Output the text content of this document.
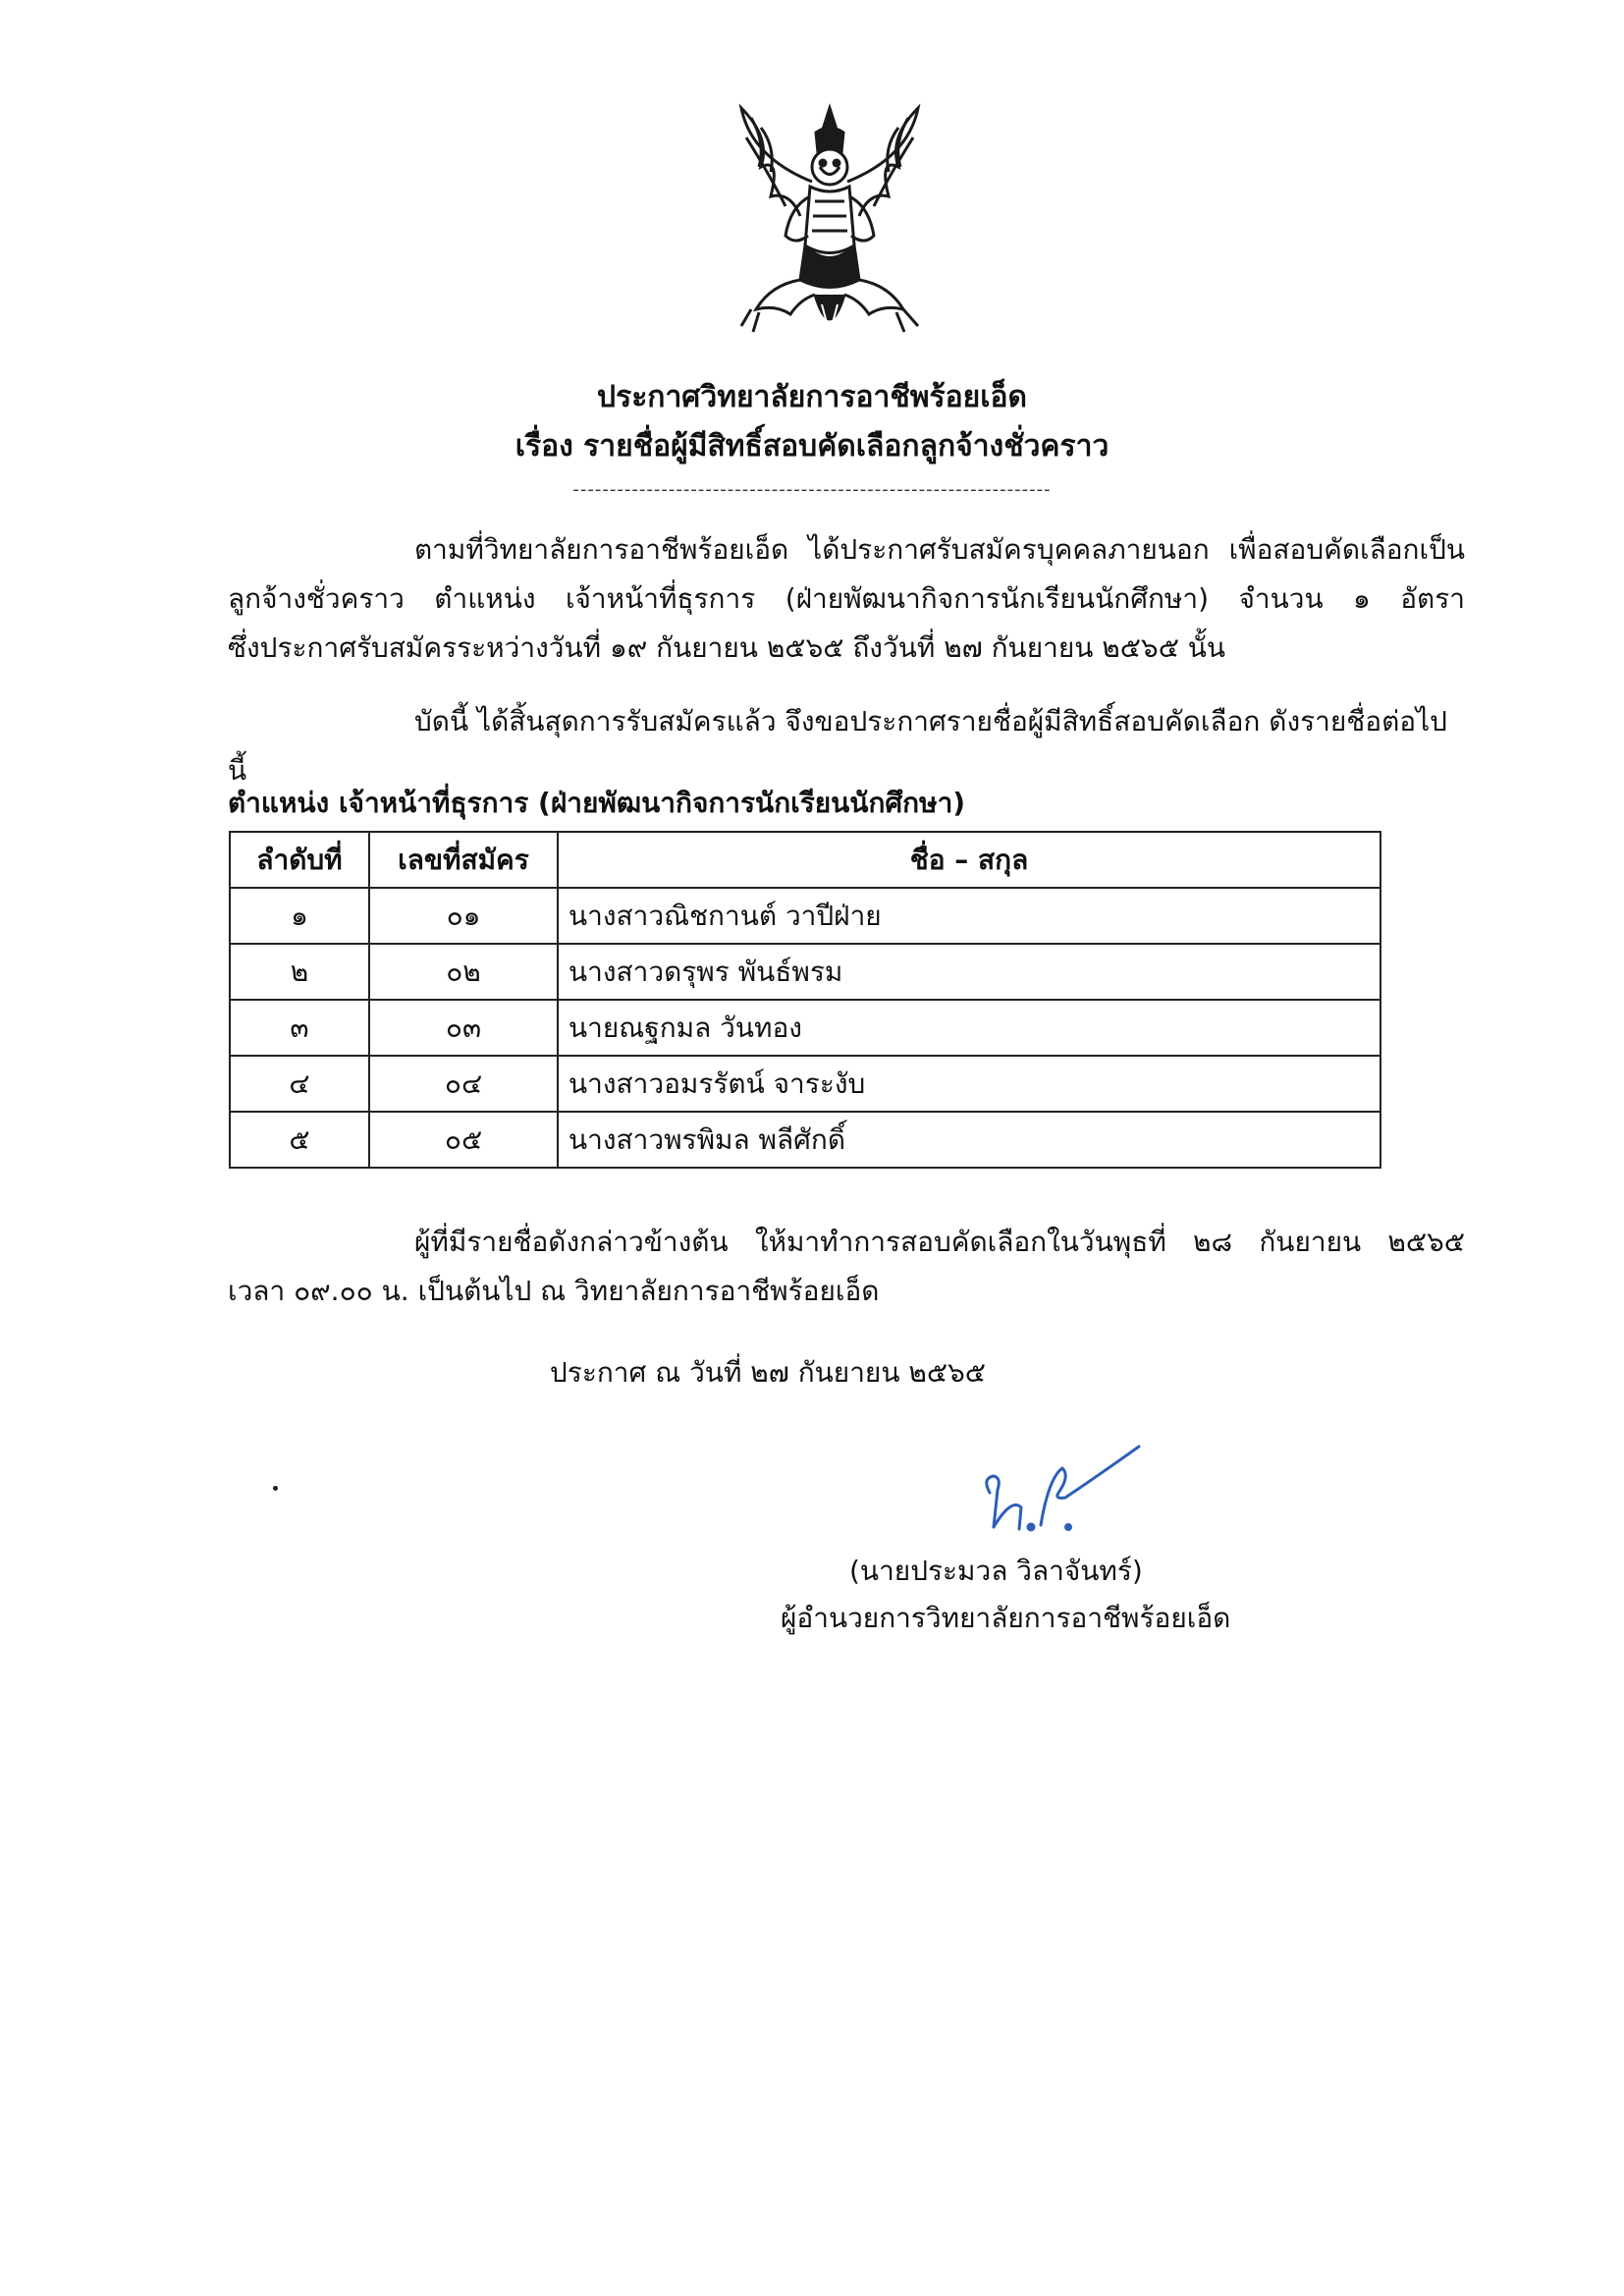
ประกาศวิทยาลัยการอาชีพร้อยเอ็ด
เรื่อง รายชื่อผู้มีสิทธิ์สอบคัดเลือกลูกจ้างชั่วคราว
-----------------------------------------------------------------

ตามที่วิทยาลัยการอาชีพร้อยเอ็ด ได้ประกาศรับสมัครบุคคลภายนอก เพื่อสอบคัดเลือกเป็น

ลูกจ้างชั่วคราว ตำแหน่ง เจ้าหน้าที่ธุรการ (ฝ่ายพัฒนากิจการนักเรียนนักศึกษา) จำนวน ๑ อัตรา

ซึ่งประกาศรับสมัครระหว่างวันที่ ๑๙ กันยายน ๒๕๖๕ ถึงวันที่ ๒๗ กันยายน ๒๕๖๕ นั้น

บัดนี้ ได้สิ้นสุดการรับสมัครแล้ว จึงขอประกาศรายชื่อผู้มีสิทธิ์สอบคัดเลือก ดังรายชื่อต่อไปนี้

ตำแหน่ง เจ้าหน้าที่ธุรการ (ฝ่ายพัฒนากิจการนักเรียนนักศึกษา)
ลำดับที่	เลขที่สมัคร	ชื่อ – สกุล
๑	๐๑	นางสาวณิชกานต์ วาปีฝ่าย
๒	๐๒	นางสาวดรุพร พันธ์พรม
๓	๐๓	นายณฐกมล วันทอง
๔	๐๔	นางสาวอมรรัตน์ จาระงับ
๕	๐๕	นางสาวพรพิมล พลีศักดิ์

ผู้ที่มีรายชื่อดังกล่าวข้างต้น ให้มาทำการสอบคัดเลือกในวันพุธที่ ๒๘ กันยายน ๒๕๖๕

เวลา ๐๙.๐๐ น. เป็นต้นไป ณ วิทยาลัยการอาชีพร้อยเอ็ด

ประกาศ ณ วันที่ ๒๗ กันยายน ๒๕๖๕
(นายประมวล วิลาจันทร์)
ผู้อำนวยการวิทยาลัยการอาชีพร้อยเอ็ด
